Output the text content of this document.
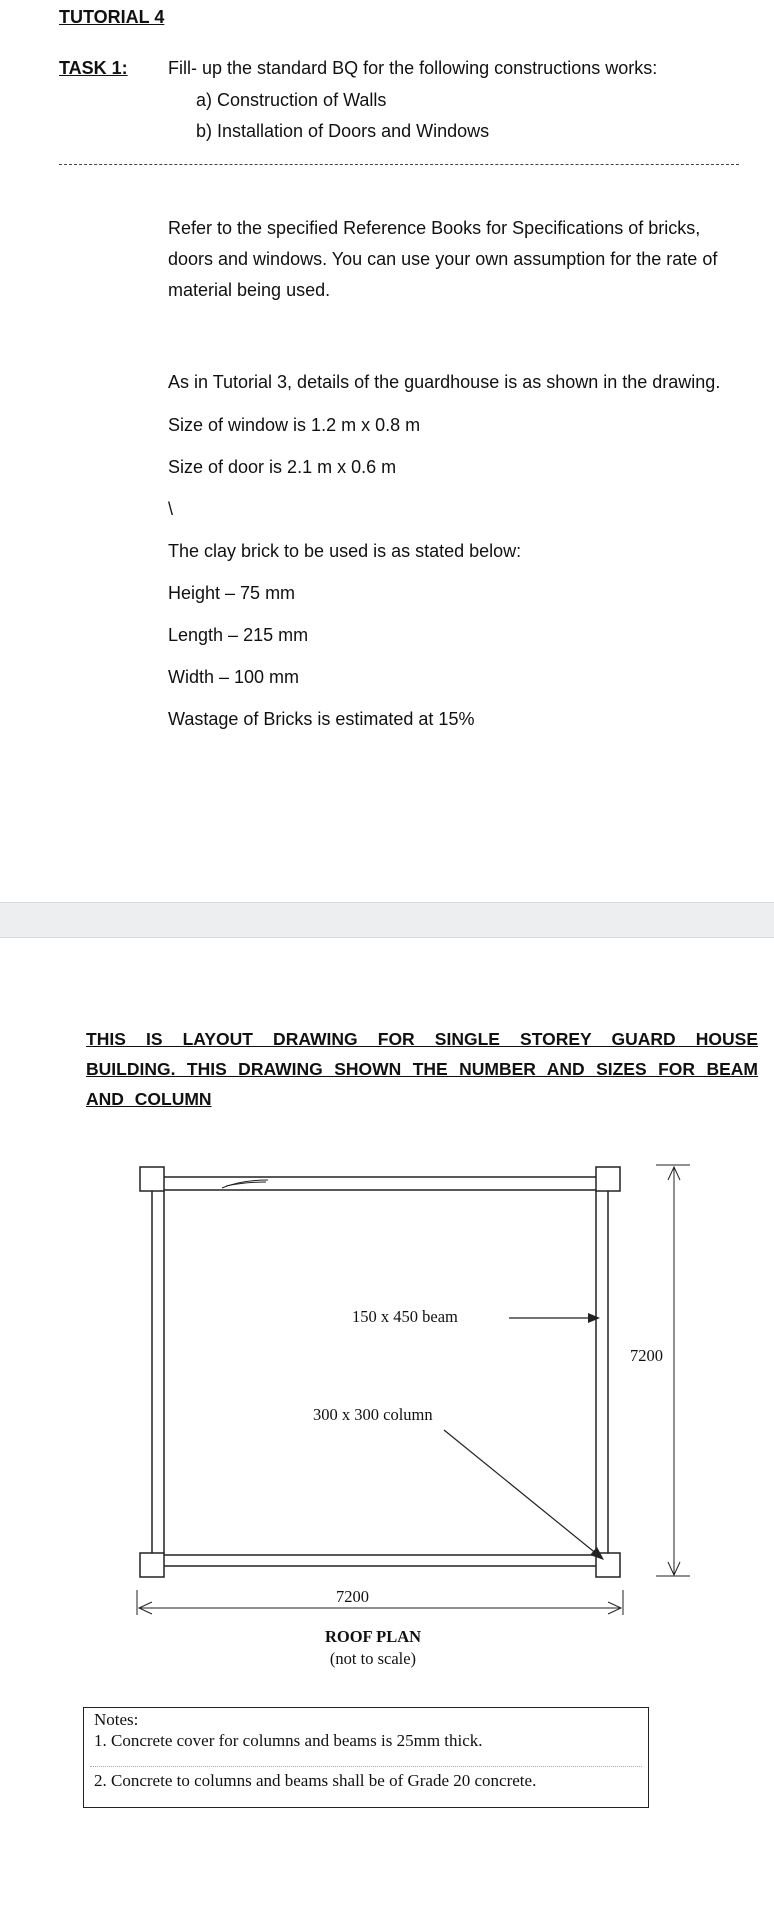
TUTORIAL 4
TASK 1: Fill- up the standard BQ for the following constructions works:
a) Construction of Walls
b) Installation of Doors and Windows
Refer to the specified Reference Books for Specifications of bricks, doors and windows. You can use your own assumption for the rate of material being used.
As in Tutorial 3, details of the guardhouse is as shown in the drawing.
Size of window is 1.2 m x 0.8 m
Size of door is 2.1 m x 0.6 m
\
The clay brick to be used is as stated below:
Height – 75 mm
Length – 215 mm
Width – 100 mm
Wastage of Bricks is estimated at 15%
THIS IS LAYOUT DRAWING FOR SINGLE STOREY GUARD HOUSE BUILDING. THIS DRAWING SHOWN THE NUMBER AND SIZES FOR BEAM AND COLUMN
150 x 450 beam
300 x 300 column
7200
7200
ROOF PLAN
(not to scale)
Notes:
1. Concrete cover for columns and beams is 25mm thick.
2. Concrete to columns and beams shall be of Grade 20 concrete.
